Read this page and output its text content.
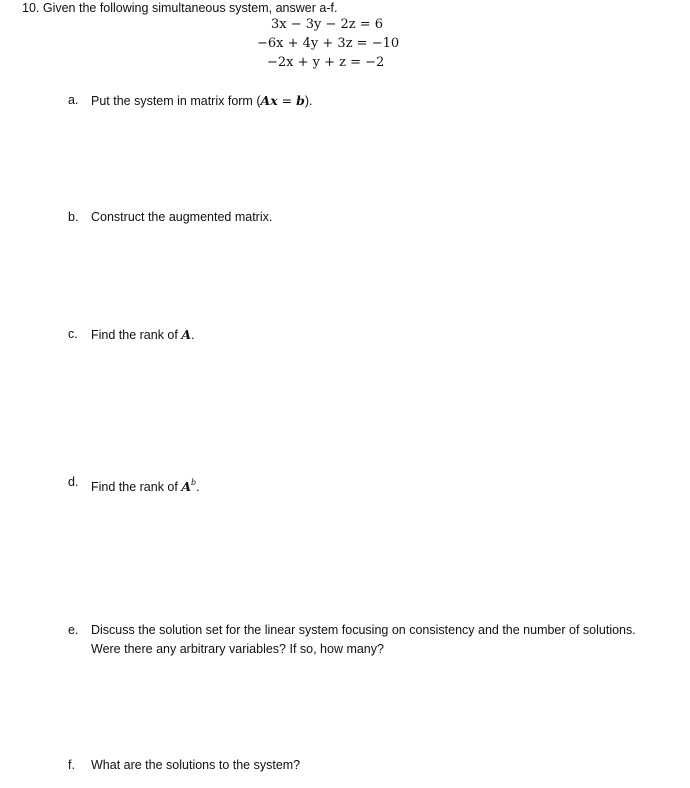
10. Given the following simultaneous system, answer a-f.
3x − 3y − 2z = 6
−6x + 4y + 3z = −10
−2x + y + z = −2
a. Put the system in matrix form (Ax = b).
b. Construct the augmented matrix.
c. Find the rank of A.
d. Find the rank of $A^b$.
e. Discuss the solution set for the linear system focusing on consistency and the number of solutions. Were there any arbitrary variables? If so, how many?
f. What are the solutions to the system?
